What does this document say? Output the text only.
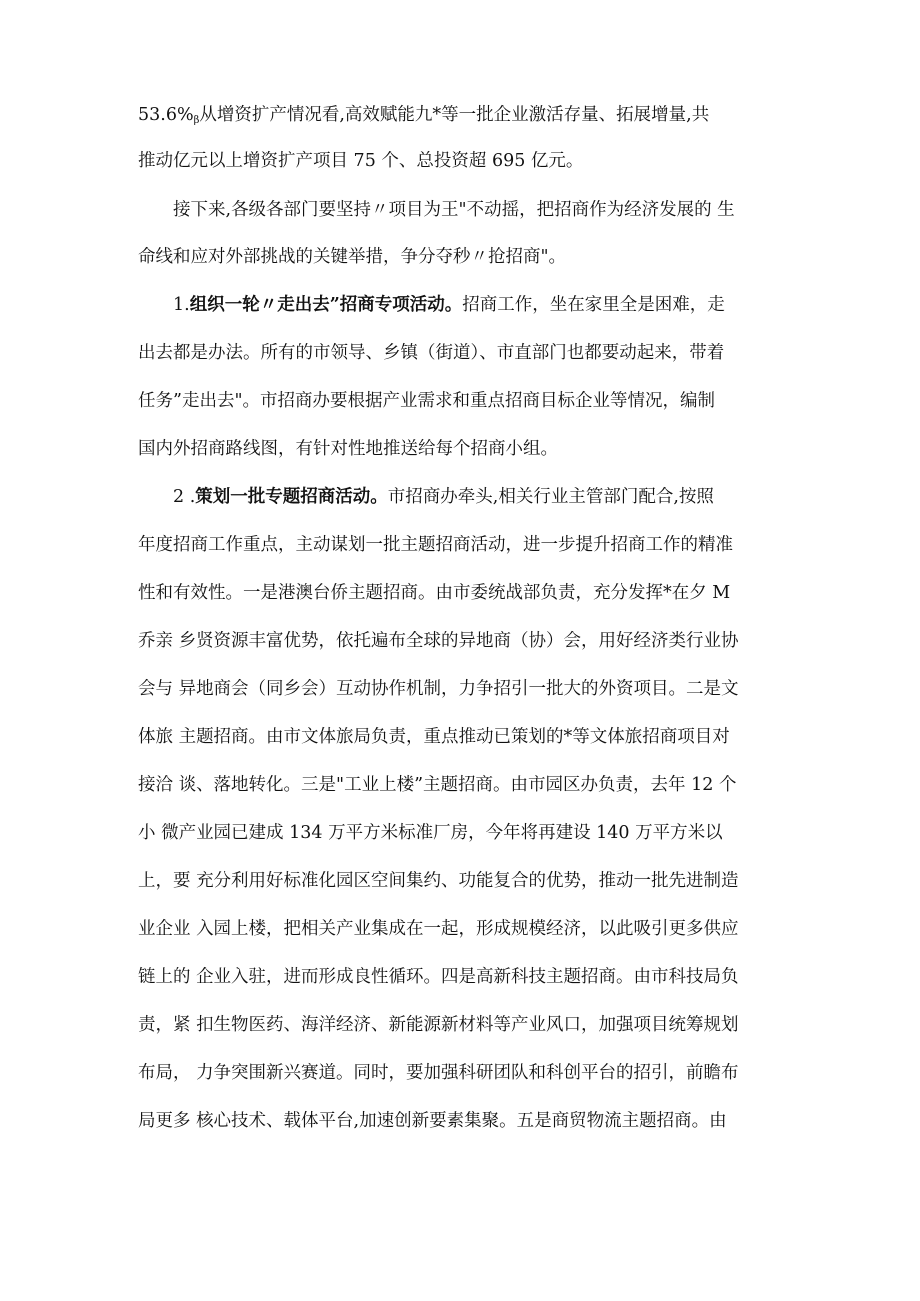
$53.6\%_\beta$从增资扩产情况看,高效赋能九*等一批企业激活存量、拓展增量,共
推动亿元以上增资扩产项目 75 个、总投资超 695 亿元。
接下来,各级各部门要坚持〃项目为王"不动摇，把招商作为经济发展的 生
命线和应对外部挑战的关键举措，争分夺秒〃抢招商"。
1.组织一轮〃走出去”招商专项活动。招商工作，坐在家里全是困难，走
出去都是办法。所有的市领导、乡镇（街道）、市直部门也都要动起来，带着
任务”走出去"。市招商办要根据产业需求和重点招商目标企业等情况，编制
国内外招商路线图，有针对性地推送给每个招商小组。
2 .策划一批专题招商活动。市招商办牵头,相关行业主管部门配合,按照
年度招商工作重点，主动谋划一批主题招商活动，进一步提升招商工作的精准
性和有效性。一是港澳台侨主题招商。由市委统战部负责，充分发挥*在夕 M
乔亲 乡贤资源丰富优势，依托遍布全球的异地商（协）会，用好经济类行业协
会与 异地商会（同乡会）互动协作机制，力争招引一批大的外资项目。二是文
体旅 主题招商。由市文体旅局负责，重点推动已策划的*等文体旅招商项目对
接洽 谈、落地转化。三是"工业上楼”主题招商。由市园区办负责，去年 12 个
小 微产业园已建成 134 万平方米标准厂房，今年将再建设 140 万平方米以
上，要 充分利用好标准化园区空间集约、功能复合的优势，推动一批先进制造
业企业 入园上楼，把相关产业集成在一起，形成规模经济，以此吸引更多供应
链上的 企业入驻，进而形成良性循环。四是高新科技主题招商。由市科技局负
责，紧 扣生物医药、海洋经济、新能源新材料等产业风口，加强项目统筹规划
布局， 力争突围新兴赛道。同时，要加强科研团队和科创平台的招引，前瞻布
局更多 核心技术、载体平台,加速创新要素集聚。五是商贸物流主题招商。由
